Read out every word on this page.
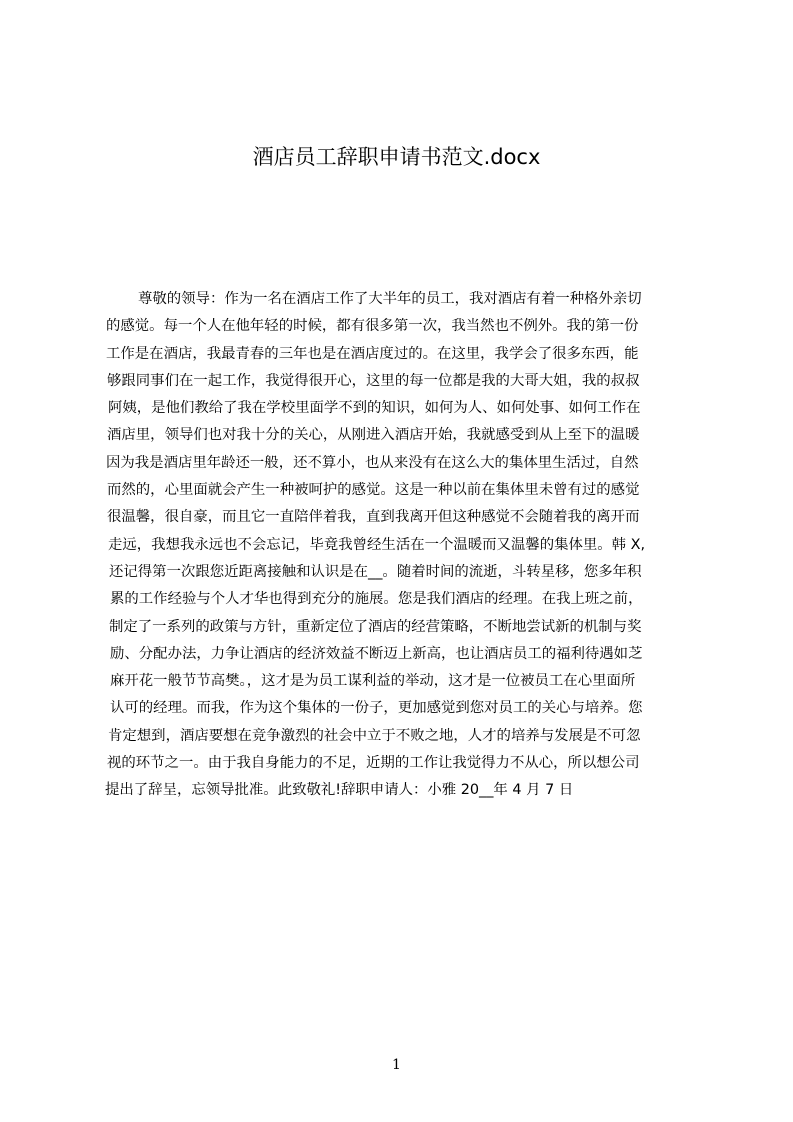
酒店员工辞职申请书范文.docx
尊敬的领导：作为一名在酒店工作了大半年的员工，我对酒店有着一种格外亲切
的感觉。每一个人在他年轻的时候，都有很多第一次，我当然也不例外。我的第一份
工作是在酒店，我最青春的三年也是在酒店度过的。在这里，我学会了很多东西，能
够跟同事们在一起工作，我觉得很开心，这里的每一位都是我的大哥大姐，我的叔叔
阿姨，是他们教给了我在学校里面学不到的知识，如何为人、如何处事、如何工作在
酒店里，领导们也对我十分的关心，从刚进入酒店开始，我就感受到从上至下的温暖
因为我是酒店里年龄还一般，还不算小，也从来没有在这么大的集体里生活过，自然
而然的，心里面就会产生一种被呵护的感觉。这是一种以前在集体里未曾有过的感觉
很温馨，很自豪，而且它一直陪伴着我，直到我离开但这种感觉不会随着我的离开而
走远，我想我永远也不会忘记，毕竟我曾经生活在一个温暖而又温馨的集体里。韩 X,
还记得第一次跟您近距离接触和认识是在__。随着时间的流逝，斗转星移，您多年积
累的工作经验与个人才华也得到充分的施展。您是我们酒店的经理。在我上班之前，
制定了一系列的政策与方针，重新定位了酒店的经营策略，不断地尝试新的机制与奖
励、分配办法，力争让酒店的经济效益不断迈上新高，也让酒店员工的福利待遇如芝
麻开花一般节节高樊。，这才是为员工谋利益的举动，这才是一位被员工在心里面所
认可的经理。而我，作为这个集体的一份子，更加感觉到您对员工的关心与培养。您
肯定想到，酒店要想在竞争激烈的社会中立于不败之地，人才的培养与发展是不可忽
视的环节之一。由于我自身能力的不足，近期的工作让我觉得力不从心，所以想公司
提出了辞呈，忘领导批准。此致敬礼!辞职申请人：小雅 20__年 4 月 7 日
1
